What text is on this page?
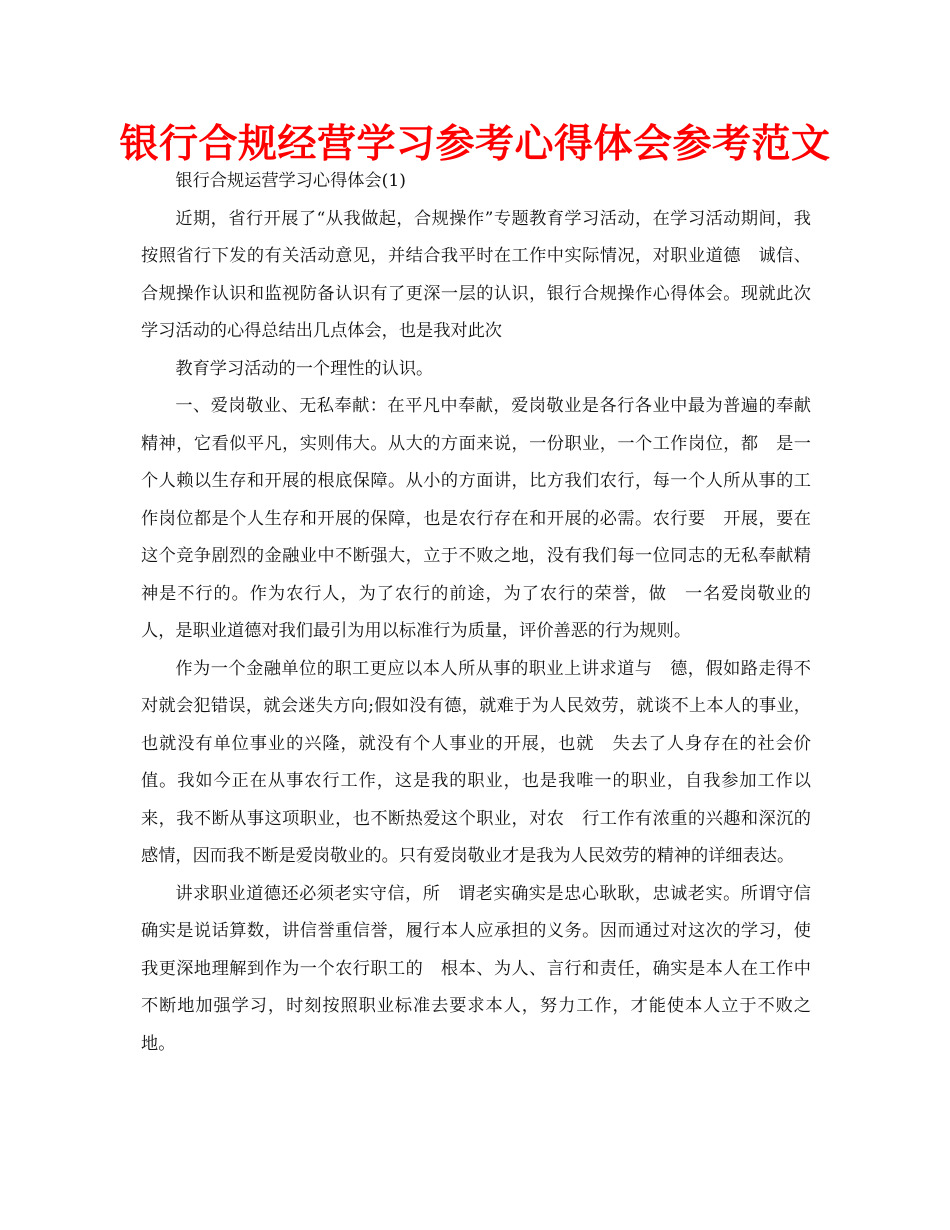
银行合规经营学习参考心得体会参考范文

银行合规运营学习心得体会(1)

近期，省行开展了“从我做起，合规操作”专题教育学习活动，在学习活动期间，我按照省行下发的有关活动意见，并结合我平时在工作中实际情况，对职业道德　诚信、合规操作认识和监视防备认识有了更深一层的认识，银行合规操作心得体会。现就此次学习活动的心得总结出几点体会，也是我对此次

教育学习活动的一个理性的认识。

一、爱岗敬业、无私奉献：在平凡中奉献，爱岗敬业是各行各业中最为普遍的奉献精神，它看似平凡，实则伟大。从大的方面来说，一份职业，一个工作岗位，都　是一个人赖以生存和开展的根底保障。从小的方面讲，比方我们农行，每一个人所从事的工作岗位都是个人生存和开展的保障，也是农行存在和开展的必需。农行要　开展，要在这个竞争剧烈的金融业中不断强大，立于不败之地，没有我们每一位同志的无私奉献精神是不行的。作为农行人，为了农行的前途，为了农行的荣誉，做　一名爱岗敬业的人，是职业道德对我们最引为用以标准行为质量，评价善恶的行为规则。

作为一个金融单位的职工更应以本人所从事的职业上讲求道与　德，假如路走得不对就会犯错误，就会迷失方向;假如没有德，就难于为人民效劳，就谈不上本人的事业，也就没有单位事业的兴隆，就没有个人事业的开展，也就　失去了人身存在的社会价值。我如今正在从事农行工作，这是我的职业，也是我唯一的职业，自我参加工作以来，我不断从事这项职业，也不断热爱这个职业，对农　行工作有浓重的兴趣和深沉的感情，因而我不断是爱岗敬业的。只有爱岗敬业才是我为人民效劳的精神的详细表达。

讲求职业道德还必须老实守信，所　谓老实确实是忠心耿耿，忠诚老实。所谓守信确实是说话算数，讲信誉重信誉，履行本人应承担的义务。因而通过对这次的学习，使我更深地理解到作为一个农行职工的　根本、为人、言行和责任，确实是本人在工作中不断地加强学习，时刻按照职业标准去要求本人，努力工作，才能使本人立于不败之地。
